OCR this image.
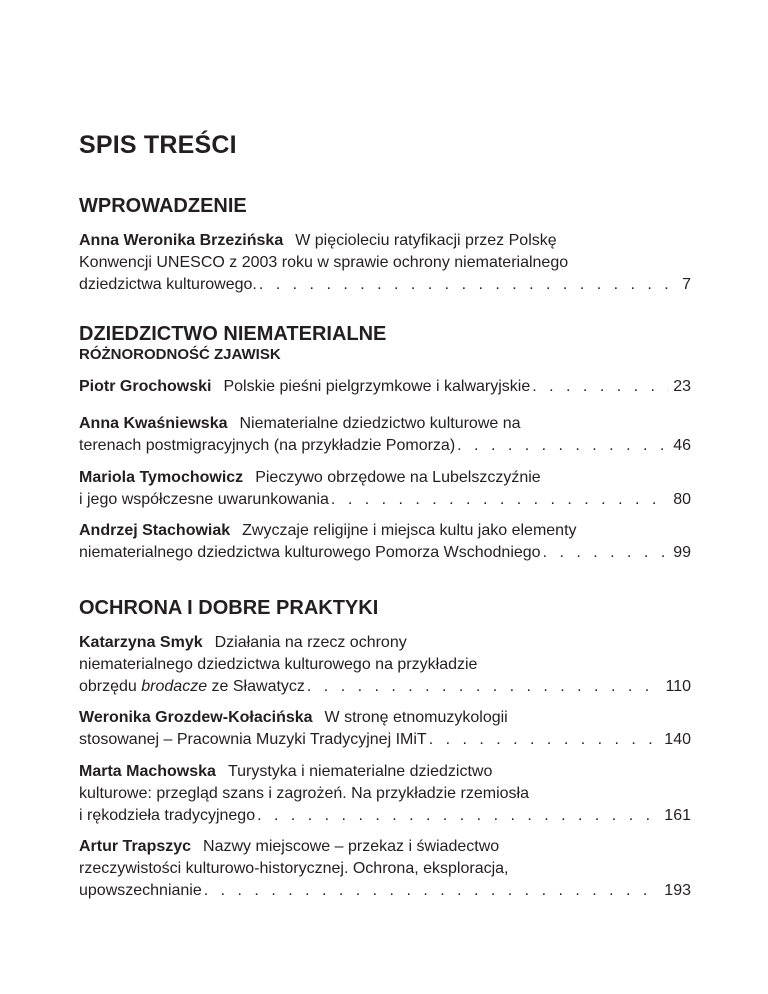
SPIS TREŚCI
WPROWADZENIE
Anna Weronika Brzezińska W pięcioleciu ratyfikacji przez Polskę
Konwencji UNESCO z 2003 roku w sprawie ochrony niematerialnego
dziedzictwa kulturowego. . . .	7
DZIEDZICTWO NIEMATERIALNE
RÓŻNORODNOŚĆ ZJAWISK
Piotr Grochowski Polskie pieśni pielgrzymkowe i kalwaryjskie . . .	23
Anna Kwaśniewska Niematerialne dziedzictwo kulturowe na
terenach postmigracyjnych (na przykładzie Pomorza) . . .	46
Mariola Tymochowicz Pieczywo obrzędowe na Lubelszczyźnie
i jego współczesne uwarunkowania . . .	80
Andrzej Stachowiak Zwyczaje religijne i miejsca kultu jako elementy
niematerialnego dziedzictwa kulturowego Pomorza Wschodniego . . .	99
OCHRONA I DOBRE PRAKTYKI
Katarzyna Smyk Działania na rzecz ochrony
niematerialnego dziedzictwa kulturowego na przykładzie
obrzędu brodacze ze Sławatycz . . .	110
Weronika Grozdew-Kołacińska W stronę etnomuzykologii
stosowanej – Pracownia Muzyki Tradycyjnej IMiT . . .	140
Marta Machowska Turystyka i niematerialne dziedzictwo
kulturowe: przegląd szans i zagrożeń. Na przykładzie rzemiosła
i rękodzieła tradycyjnego . . .	161
Artur Trapszyc Nazwy miejscowe – przekaz i świadectwo
rzeczywistości kulturowo-historycznej. Ochrona, eksploracja,
upowszechnianie . . .	193
